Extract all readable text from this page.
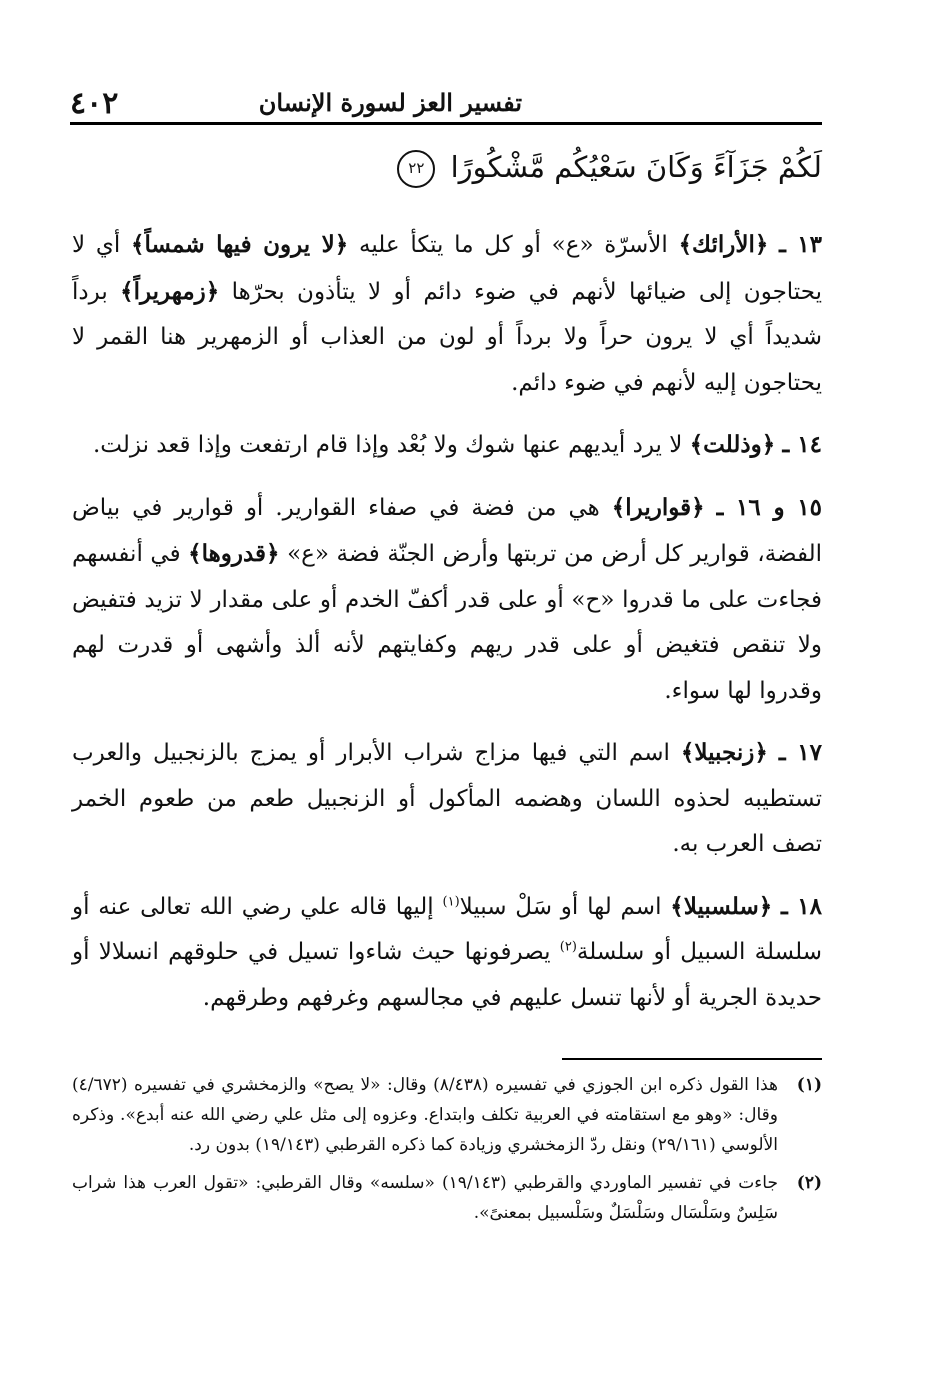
٤٠٢	تفسير العز لسورة الإنسان
لَكُمْ جَزَآءً وَكَانَ سَعْيُكُم مَّشْكُورًا ٢٢

١٣ ـ ﴿الأرائك﴾ الأسرّة «ع» أو كل ما يتكأ عليه ﴿لا يرون فيها شمساً﴾ أي لا يحتاجون إلى ضيائها لأنهم في ضوء دائم أو لا يتأذون بحرّها ﴿زمهريراً﴾ برداً شديداً أي لا يرون حراً ولا برداً أو لون من العذاب أو الزمهرير هنا القمر لا يحتاجون إليه لأنهم في ضوء دائم.

١٤ ـ ﴿وذللت﴾ لا يرد أيديهم عنها شوك ولا بُعْد وإذا قام ارتفعت وإذا قعد نزلت.

١٥ و ١٦ ـ ﴿قواريرا﴾ هي من فضة في صفاء القوارير. أو قوارير في بياض الفضة، قوارير كل أرض من تربتها وأرض الجنّة فضة «ع» ﴿قدروها﴾ في أنفسهم فجاءت على ما قدروا «ح» أو على قدر أكفّ الخدم أو على مقدار لا تزيد فتفيض ولا تنقص فتغيض أو على قدر ريهم وكفايتهم لأنه ألذ وأشهى أو قدرت لهم وقدروا لها سواء.

١٧ ـ ﴿زنجبيلا﴾ اسم التي فيها مزاج شراب الأبرار أو يمزج بالزنجبيل والعرب تستطيبه لحذوه اللسان وهضمه المأكول أو الزنجبيل طعم من طعوم الخمر تصف العرب به.

١٨ ـ ﴿سلسبيلا﴾ اسم لها أو سَلْ سبيلا$^{(١)}$ إليها قاله علي رضي الله تعالى عنه أو سلسلة السبيل أو سلسلة$^{(٢)}$ يصرفونها حيث شاءوا تسيل في حلوقهم انسلالا أو حديدة الجرية أو لأنها تنسل عليهم في مجالسهم وغرفهم وطرقهم.

(١)
هذا القول ذكره ابن الجوزي في تفسيره (٨/٤٣٨) وقال: «لا يصح» والزمخشري في تفسيره (٤/٦٧٢) وقال: «وهو مع استقامته في العربية تكلف وابتداع. وعزوه إلى مثل علي رضي الله عنه أبدع». وذكره الألوسي (٢٩/١٦١) ونقل ردّ الزمخشري وزيادة كما ذكره القرطبي (١٩/١٤٣) بدون رد.

(٢)
جاءت في تفسير الماوردي والقرطبي (١٩/١٤٣) «سلسه» وقال القرطبي: «تقول العرب هذا شراب سَلِسٌ وسَلْسَال وسَلْسَلٌ وسَلْسبيل بمعنىً».
